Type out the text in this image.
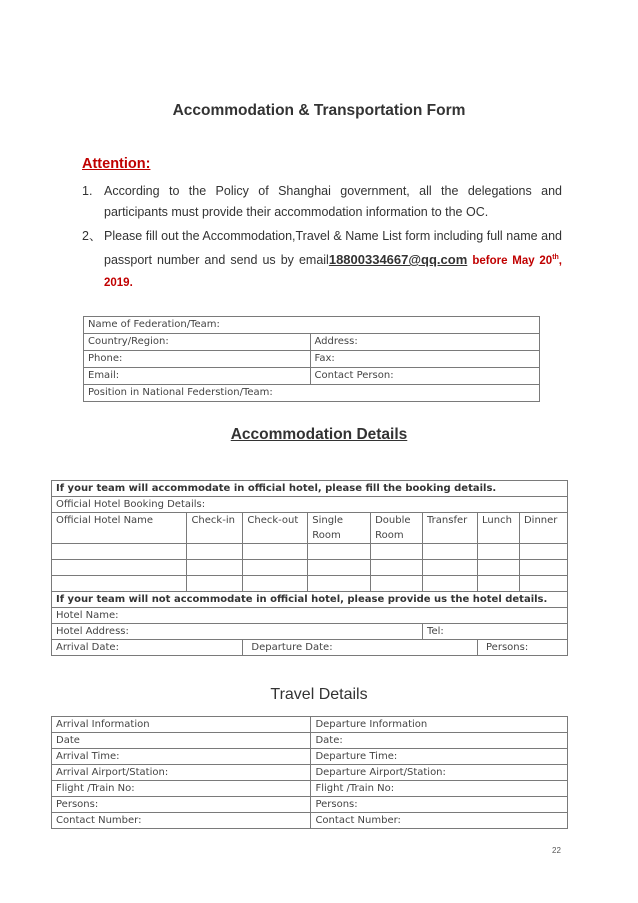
Accommodation & Transportation Form
Attention:
1. According to the Policy of Shanghai government, all the delegations and participants must provide their accommodation information to the OC.
2、 Please fill out the Accommodation,Travel & Name List form including full name and passport number and send us by email18800334667@qq.com before May 20th, 2019.
Name of Federation/Team:	
Country/Region:	Address:
Phone:	Fax:
Email:	Contact Person:
Position in National Federstion/Team:	
Accommodation Details
If your team will accommodate in official hotel, please fill the booking details.							
Official Hotel Booking Details:							
Official Hotel Name	Check-in	Check-out	Single Room	Double Room	Transfer	Lunch	Dinner

If your team will not accommodate in official hotel, please provide us the hotel details.							
Hotel Name:							
Hotel Address:					Tel:		
Arrival Date:		Departure Date:				Persons:	
Travel Details
Arrival Information	Departure Information
Date	Date:
Arrival Time:	Departure Time:
Arrival Airport/Station:	Departure Airport/Station:
Flight /Train No:	Flight /Train No:
Persons:	Persons:
Contact Number:	Contact Number:
22
